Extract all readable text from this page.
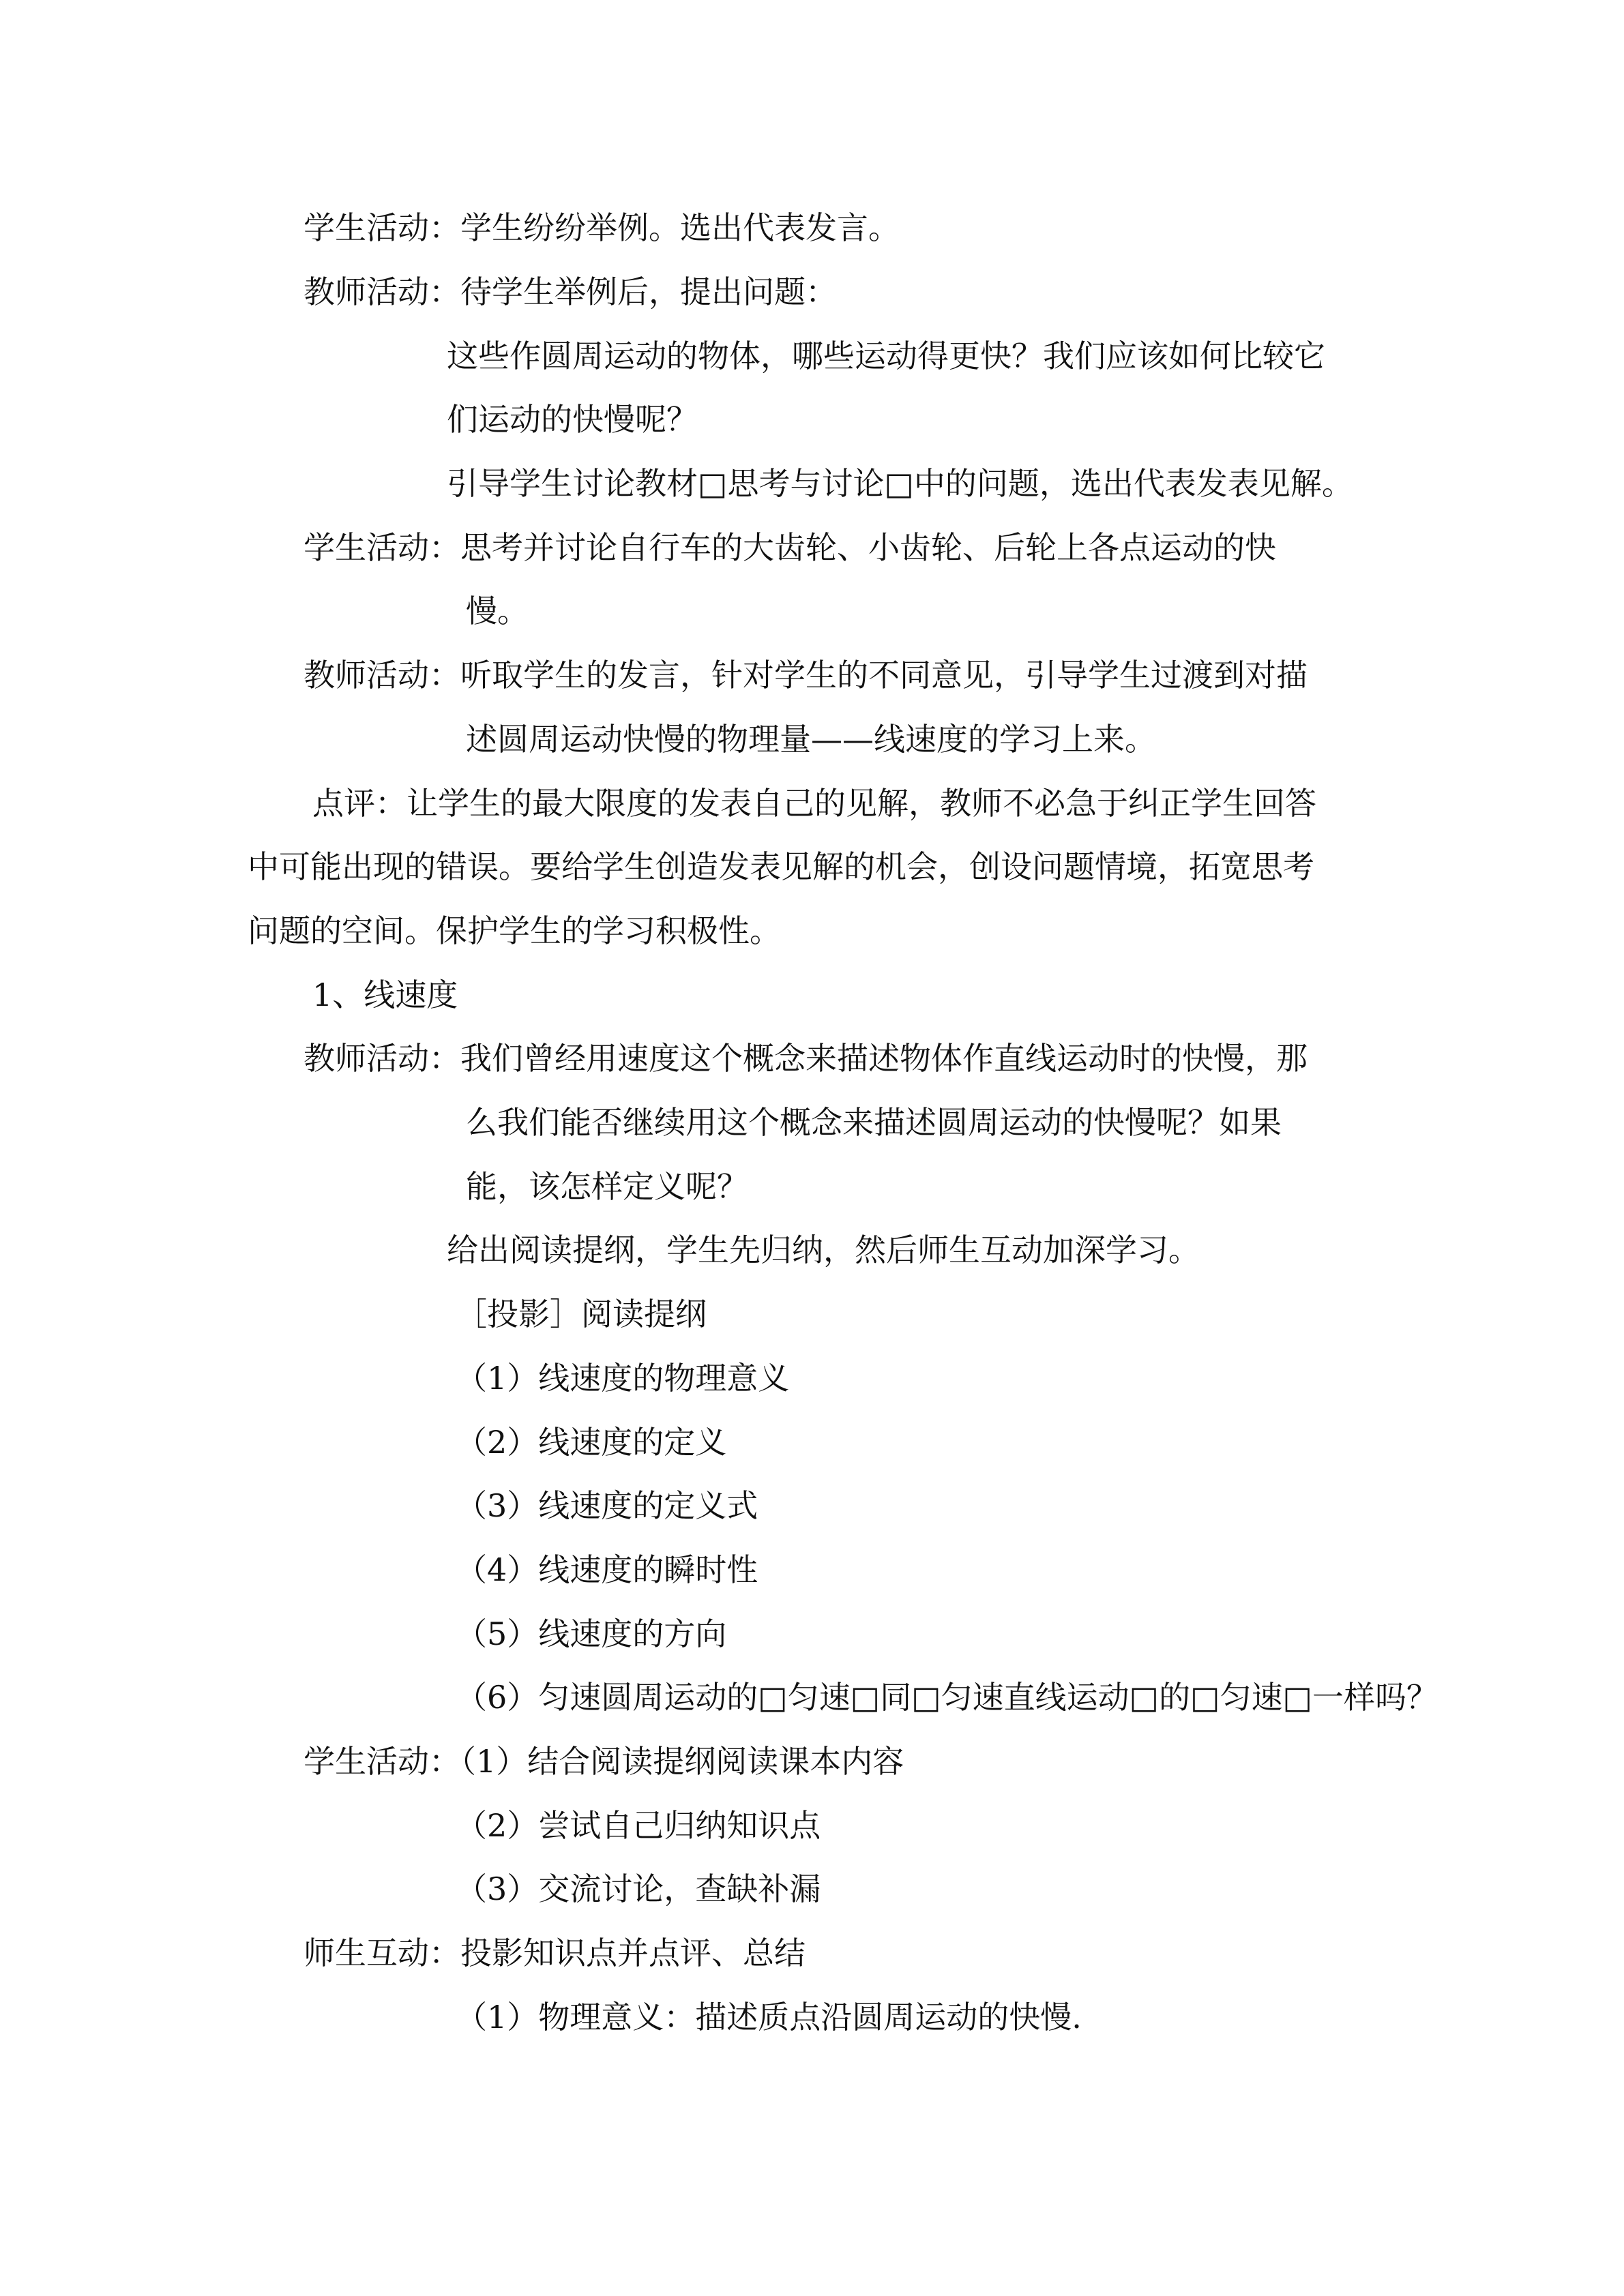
学生活动：学生纷纷举例。选出代表发言。

教师活动：待学生举例后，提出问题：

这些作圆周运动的物体，哪些运动得更快？我们应该如何比较它

们运动的快慢呢？

引导学生讨论教材□思考与讨论□中的问题，选出代表发表见解。

学生活动：思考并讨论自行车的大齿轮、小齿轮、后轮上各点运动的快

慢。

教师活动：听取学生的发言，针对学生的不同意见，引导学生过渡到对描

述圆周运动快慢的物理量——线速度的学习上来。

点评：让学生的最大限度的发表自己的见解，教师不必急于纠正学生回答

中可能出现的错误。要给学生创造发表见解的机会，创设问题情境，拓宽思考

问题的空间。保护学生的学习积极性。

1、线速度

教师活动：我们曾经用速度这个概念来描述物体作直线运动时的快慢，那

么我们能否继续用这个概念来描述圆周运动的快慢呢？如果

能，该怎样定义呢？

给出阅读提纲，学生先归纳，然后师生互动加深学习。

［投影］阅读提纲

（1）线速度的物理意义

（2）线速度的定义

（3）线速度的定义式

（4）线速度的瞬时性

（5）线速度的方向

（6）匀速圆周运动的□匀速□同□匀速直线运动□的□匀速□一样吗？

学生活动：（1）结合阅读提纲阅读课本内容

（2）尝试自己归纳知识点

（3）交流讨论，查缺补漏

师生互动：投影知识点并点评、总结

（1）物理意义：描述质点沿圆周运动的快慢.
